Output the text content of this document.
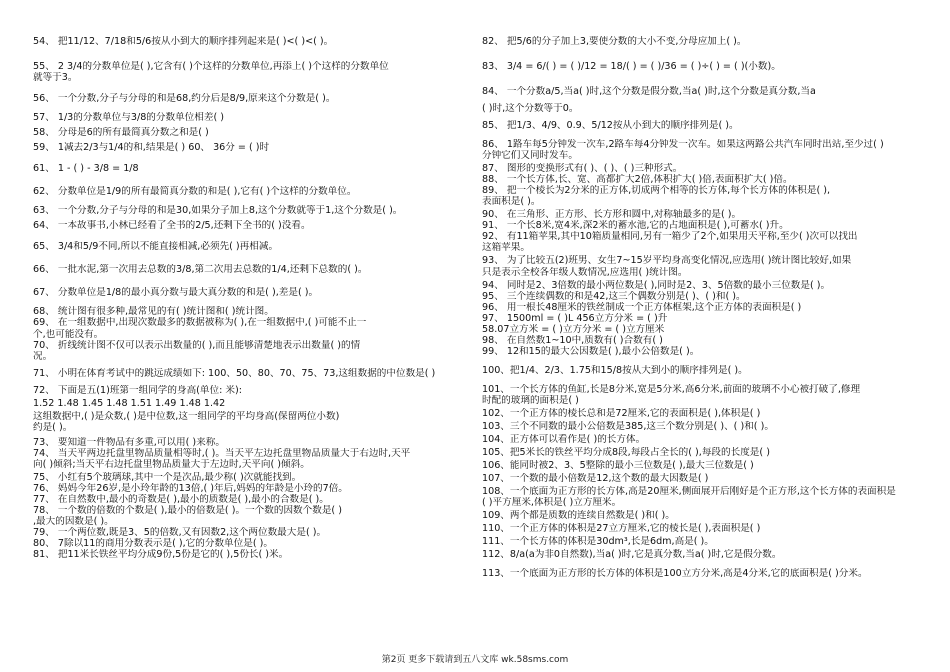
54、 把11/12、7/18和5/6按从小到大的顺序排列起来是( )<( )<( )。

55、 2 3/4的分数单位是( ),它含有( )个这样的分数单位,再添上( )个这样的分数单位

就等于3。

56、 一个分数,分子与分母的和是68,约分后是8/9,原来这个分数是( )。

57、 1/3的分数单位与3/8的分数单位相差( )

58、 分母是6的所有最简真分数之和是( )

59、 1减去2/3与1/4的和,结果是( ) 60、 36分 = ( )时

61、 1 - ( ) - 3/8 = 1/8

62、 分数单位是1/9的所有最简真分数的和是( ),它有( )个这样的分数单位。

63、 一个分数,分子与分母的和是30,如果分子加上8,这个分数就等于1,这个分数是( )。

64、 一本故事书,小林已经看了全书的2/5,还剩下全书的( )没看。

65、 3/4和5/9不同,所以不能直接相减,必须先( )再相减。

66、 一批水泥,第一次用去总数的3/8,第二次用去总数的1/4,还剩下总数的( )。

67、 分数单位是1/8的最小真分数与最大真分数的和是( ),差是( )。

68、 统计图有很多种,最常见的有( )统计图和( )统计图。

69、 在一组数据中,出现次数最多的数据被称为( ),在一组数据中,( )可能不止一

个,也可能没有。

70、 折线统计图不仅可以表示出数量的( ),而且能够清楚地表示出数量( )的情

况。

71、 小明在体育考试中的跳远成绩如下: 100、50、80、70、75、73,这组数据的中位数是( )

72、 下面是五(1)班第一组同学的身高(单位: 米):

1.52 1.48 1.45 1.48 1.51 1.49 1.48 1.42

这组数据中,( )是众数,( )是中位数,这一组同学的平均身高(保留两位小数)

约是( )。

73、 要知道一件物品有多重,可以用( )来称。

74、 当天平两边托盘里物品质量相等时,( )。当天平左边托盘里物品质量大于右边时,天平

向( )倾斜;当天平右边托盘里物品质量大于左边时,天平向( )倾斜。

75、 小红有5个玻璃球,其中一个是次品,最少称( )次就能找到。

76、 妈妈今年26岁,是小玲年龄的13倍,( )年后,妈妈的年龄是小玲的7倍。

77、 在自然数中,最小的奇数是( ),最小的质数是( ),最小的合数是( )。

78、 一个数的倍数的个数是( ),最小的倍数是( )。一个数的因数个数是( )

,最大的因数是( )。

79、 一个两位数,既是3、5的倍数,又有因数2,这个两位数最大是( )。

80、 7除以11的商用分数表示是( ),它的分数单位是( )。

81、 把11米长铁丝平均分成9份,5份是它的( ),5份长( )米。

82、 把5/6的分子加上3,要使分数的大小不变,分母应加上( )。

83、 3/4 = 6/( ) = ( )/12 = 18/( ) = ( )/36 = ( )÷( ) = ( )(小数)。

84、 一个分数a/5,当a( )时,这个分数是假分数,当a( )时,这个分数是真分数,当a

( )时,这个分数等于0。

85、 把1/3、4/9、0.9、5/12按从小到大的顺序排列是( )。

86、 1路车每5分钟发一次车,2路车每4分钟发一次车。如果这两路公共汽车同时出站,至少过( )

分钟它们又同时发车。

87、 图形的变换形式有( )、( )、( )三种形式。

88、 一个长方体,长、宽、高都扩大2倍,体积扩大( )倍,表面积扩大( )倍。

89、 把一个棱长为2分米的正方体,切成两个相等的长方体,每个长方体的体积是( ),

表面积是( )。

90、 在三角形、正方形、长方形和圆中,对称轴最多的是( )。

91、 一个长8米,宽4米,深2米的蓄水池,它的占地面积是( ),可蓄水( )升。

92、 有11箱苹果,其中10箱质量相同,另有一箱少了2个,如果用天平称,至少( )次可以找出

这箱苹果。

93、 为了比较五(2)班男、女生7~15岁平均身高变化情况,应选用( )统计图比较好,如果

只是表示全校各年级人数情况,应选用( )统计图。

94、 同时是2、3倍数的最小两位数是( ),同时是2、3、5倍数的最小三位数是( )。

95、 三个连续偶数的和是42,这三个偶数分别是( )、( )和( )。

96、 用一根长48厘米的铁丝制成一个正方体框架,这个正方体的表面积是( )

97、 1500ml = ( )L 456立方分米 = ( )升

58.07立方米 = ( )立方分米 = ( )立方厘米

98、 在自然数1~10中,质数有( )合数有( )

99、 12和15的最大公因数是( ),最小公倍数是( )。

100、把1/4、2/3、1.75和15/8按从大到小的顺序排列是( )。

101、一个长方体的鱼缸,长是8分米,宽是5分米,高6分米,前面的玻璃不小心被打破了,修理

时配的玻璃的面积是( )

102、一个正方体的棱长总和是72厘米,它的表面积是( ),体积是( )

103、三个不同数的最小公倍数是385,这三个数分别是( )、( )和( )。

104、正方体可以看作是( )的长方体。

105、把5米长的铁丝平均分成8段,每段占全长的( ),每段的长度是( )

106、能同时被2、3、5整除的最小三位数是( ),最大三位数是( )

107、一个数的最小倍数是12,这个数的最大因数是( )

108、一个底面为正方形的长方体,高是20厘米,侧面展开后刚好是个正方形,这个长方体的表面积是

( )平方厘米,体积是( )立方厘米。

109、两个都是质数的连续自然数是( )和( )。

110、一个正方体的体积是27立方厘米,它的棱长是( ),表面积是( )

111、一个长方体的体积是30dm³,长是6dm,高是( )。

112、8/a(a为非0自然数),当a( )时,它是真分数,当a( )时,它是假分数。

113、一个底面为正方形的长方体的体积是100立方分米,高是4分米,它的底面积是( )分米。

第2页 更多下载请到五八文库 wk.58sms.com
